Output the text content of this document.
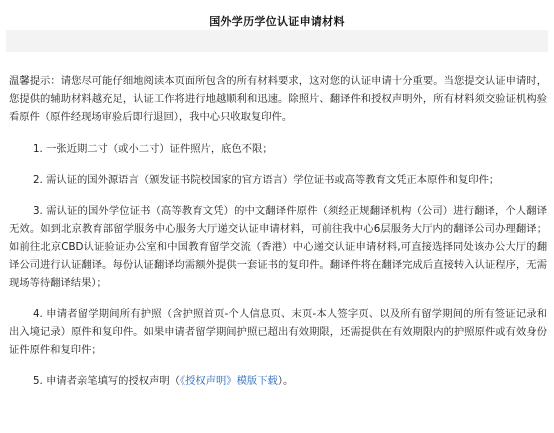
国外学历学位认证申请材料

温馨提示：请您尽可能仔细地阅读本页面所包含的所有材料要求，这对您的认证申请十分重要。当您提交认证申请时，您提供的辅助材料越充足，认证工作将进行地越顺利和迅速。除照片、翻译件和授权声明外，所有材料须交验证机构验看原件（原件经现场审验后即行退回），我中心只收取复印件。

1. 一张近期二寸（或小二寸）证件照片，底色不限；
2. 需认证的国外源语言（颁发证书院校国家的官方语言）学位证书或高等教育文凭正本原件和复印件；
3. 需认证的国外学位证书（高等教育文凭）的中文翻译件原件（须经正规翻译机构（公司）进行翻译，个人翻译无效。如到北京教育部留学服务中心服务大厅递交认证申请材料，可前往我中心6层服务大厅内的翻译公司办理翻译；如前往北京CBD认证验证办公室和中国教育留学交流（香港）中心递交认证申请材料,可直接选择同处该办公大厅的翻译公司进行认证翻译。每份认证翻译均需额外提供一套证书的复印件。翻译件将在翻译完成后直接转入认证程序，无需现场等待翻译结果）；
4. 申请者留学期间所有护照（含护照首页-个人信息页、末页-本人签字页、以及所有留学期间的所有签证记录和出入境记录）原件和复印件。如果申请者留学期间护照已超出有效期限，还需提供在有效期限内的护照原件或有效身份证件原件和复印件；
5. 申请者亲笔填写的授权声明（《授权声明》模版下载）。
